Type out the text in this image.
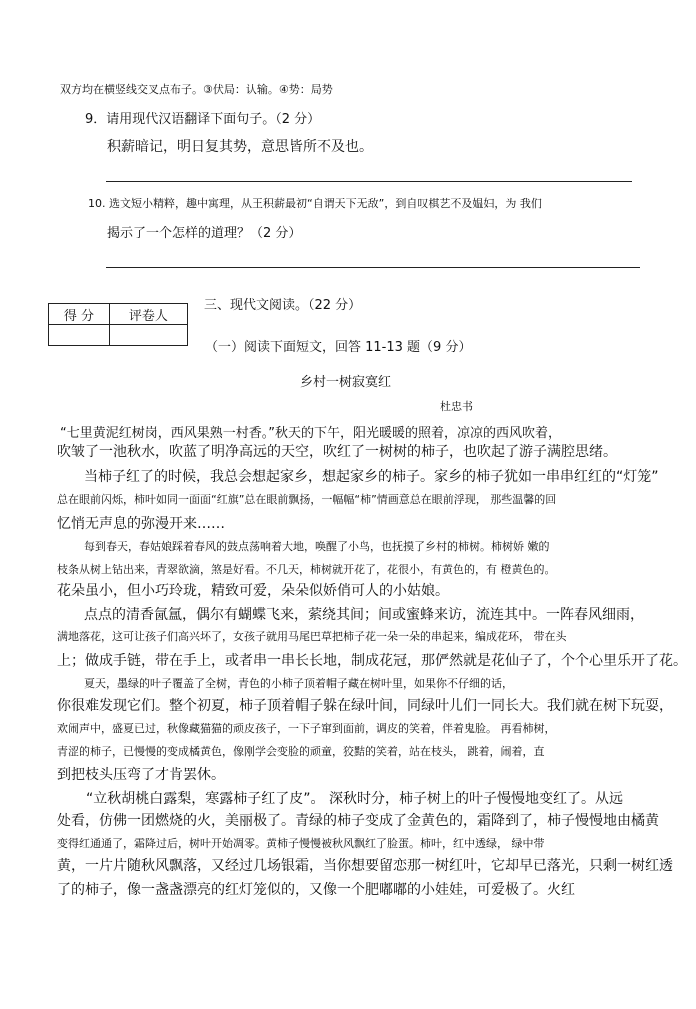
双方均在横竖线交叉点布子。③伏局：认输。④势：局势
9．请用现代汉语翻译下面句子。（2 分）
积薪暗记，明日复其势，意思皆所不及也。
10. 选文短小精粹，趣中寓理，从王积薪最初“自谓天下无敌”，到自叹棋艺不及媪妇，为 我们
揭示了一个怎样的道理？（2 分）
得 分	评卷人

三、现代文阅读。（22 分）
（一）阅读下面短文，回答 11-13 题（9 分）
乡村一树寂寞红
杜忠书
“七里黄泥红树岗，西风果熟一村香。”秋天的下午，阳光暖暖的照着，凉凉的西风吹着，
吹皱了一池秋水，吹蓝了明净高远的天空，吹红了一树树的柿子，也吹起了游子满腔思绪。
当柿子红了的时候，我总会想起家乡，想起家乡的柿子。家乡的柿子犹如一串串红红的“灯笼”
总在眼前闪烁，柿叶如同一面面“红旗”总在眼前飘扬，一幅幅“柿”情画意总在眼前浮现， 那些温馨的回
忆悄无声息的弥漫开来……
每到春天，春姑娘踩着春风的鼓点荡响着大地，唤醒了小鸟，也抚摸了乡村的柿树。柿树娇 嫩的
枝条从树上钻出来，青翠欲滴，煞是好看。不几天，柿树就开花了，花很小，有黄色的，有 橙黄色的。
花朵虽小，但小巧玲珑，精致可爱，朵朵似娇俏可人的小姑娘。
点点的清香氤氲，偶尔有蝴蝶飞来，萦绕其间；间或蜜蜂来访，流连其中。一阵春风细雨，
满地落花，这可让孩子们高兴坏了，女孩子就用马尾巴草把柿子花一朵一朵的串起来，编成花环， 带在头
上；做成手链，带在手上，或者串一串长长地，制成花冠，那俨然就是花仙子了，个个心里乐开了花。
夏天，墨绿的叶子覆盖了全树，青色的小柿子顶着帽子藏在树叶里，如果你不仔细的话，
你很难发现它们。整个初夏，柿子顶着帽子躲在绿叶间，同绿叶儿们一同长大。我们就在树下玩耍，
欢闹声中，盛夏已过，秋像藏猫猫的顽皮孩子，一下子窜到面前，调皮的笑着，伴着鬼脸。 再看柿树，
青涩的柿子，已慢慢的变成橘黄色，像刚学会变脸的顽童，狡黠的笑着，站在枝头， 跳着，闹着，直
到把枝头压弯了才肯罢休。
“立秋胡桃白露梨，寒露柿子红了皮”。 深秋时分，柿子树上的叶子慢慢地变红了。从远
处看，仿佛一团燃烧的火，美丽极了。青绿的柿子变成了金黄色的，霜降到了，柿子慢慢地由橘黄
变得红通通了，霜降过后，树叶开始凋零。黄柿子慢慢被秋风飘红了脸蛋。柿叶，红中透绿， 绿中带
黄，一片片随秋风飘落，又经过几场银霜，当你想要留恋那一树红叶，它却早已落光，只剩一树红透
了的柿子，像一盏盏漂亮的红灯笼似的，又像一个肥嘟嘟的小娃娃，可爱极了。火红
